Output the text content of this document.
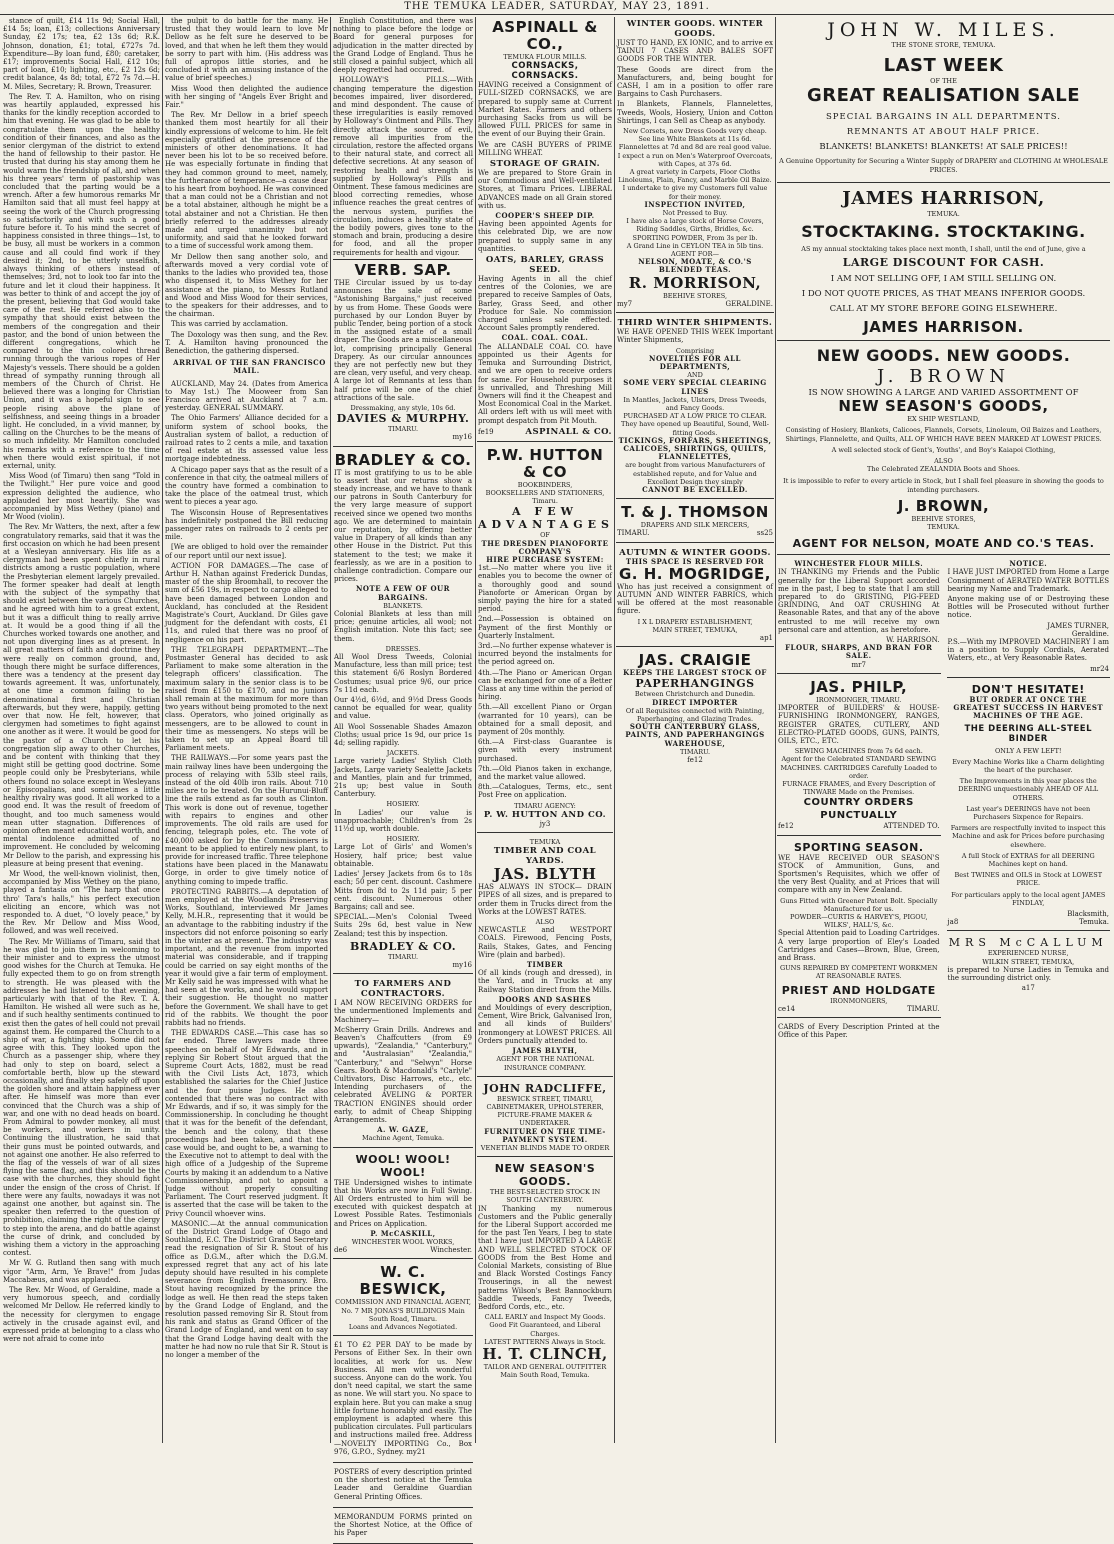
THE TEMUKA LEADER, SATURDAY, MAY 23, 1891.

stance of quilt, £14 11s 9d; Social Hall, £14 5s; loan, £13; collections Anniversary Sunday, £2 17s; tea, £2 13s 6d; R.K. Johnson, donation, £1; total, £727s 7d. Expenditure—By loan fund, £80; caretaker, £17; improvements Social Hall, £12 10s; part of loan, £10; lighting, etc., £2 12s 6d; credit balance, 4s 8d; total, £72 7s 7d.—H. M. Miles, Secretary; R. Brown, Treasurer.

The Rev. T. A. Hamilton, who on rising was heartily applauded, expressed his thanks for the kindly reception accorded to him that evening. He was glad to be able to congratulate them upon the healthy condition of their finances, and also as the senior clergyman of the district to extend the hand of fellowship to their pastor. He trusted that during his stay among them he would warm the friendship of all, and when his three years' term of pastorship was concluded that the parting would be a wrench. After a few humorous remarks Mr Hamilton said that all must feel happy at seeing the work of the Church progressing so satisfactorily and with such a good future before it. To his mind the secret of happiness consisted in three things—1st, to be busy, all must be workers in a common cause and all could find work if they desired it; 2nd, to be utterly unselfish, always thinking of others instead of themselves; 3rd, not to look too far into the future and let it cloud their happiness. It was better to think of and accept the joy of the present, believing that God would take care of the rest. He referred also to the sympathy that should exist between the members of the congregation and their pastor, and the bond of union between the different congregations, which he compared to the thin colored thread running through the various ropes of Her Majesty's vessels. There should be a golden thread of sympathy running through all members of the Church of Christ. He believed there was a longing for Christian Union, and it was a hopeful sign to see people rising above the plane of selfishness, and seeing things in a broader light. He concluded, in a vivid manner, by calling on the Churches to be the means of so much infidelity. Mr Hamilton concluded his remarks with a reference to the time when there would exist spiritual, if not external, unity.

Miss Wood (of Timaru) then sang "Told in the Twilight." Her pure voice and good expression delighted the audience, who applauded her most heartily. She was accompanied by Miss Wethey (piano) and Mr Wood (violin).

The Rev. Mr Watters, the next, after a few congratulatory remarks, said that it was the first occasion on which he had been present at a Wesleyan anniversary. His life as a clergyman had been spent chiefly in rural districts among a rustic population, where the Presbyterian element largely prevailed. The former speaker had dealt at length with the subject of the sympathy that should exist between the various Churches, and he agreed with him to a great extent, but it was a difficult thing to really arrive at. It would be a good thing if all the Churches worked towards one another, and not upon diverging lines as at present. In all great matters of faith and doctrine they were really on common ground, and, though there might be surface differences, there was a tendency at the present day towards agreement. It was, unfortunately, at one time a common failing to be denominational first and Christian afterwards, but they were, happily, getting over that now. He felt, however, that clergymen had sometimes to fight against one another as it were. It would be good for the pastor of a Church to let his congregation slip away to other Churches, and be content with thinking that they might still be getting good doctrine. Some people could only be Presbyterians, while others found no solace except in Wesleyans or Episcopalians, and sometimes a little healthy rivalry was good. It all worked to a good end. It was the result of freedom of thought, and too much sameness would mean utter stagnation. Differences of opinion often meant educational worth, and mental indolence admitted of no improvement. He concluded by welcoming Mr Dellow to the parish, and expressing his pleasure at being present that evening.

Mr Wood, the well-known violinist, then, accompanied by Miss Wethey on the piano, played a fantasia on "The harp that once thro' Tara's halls," his perfect execution eliciting an encore, which was not responded to. A duet, "O lovely peace," by the Rev. Mr Dellow and Miss Wood, followed, and was well received.

The Rev. Mr Williams of Timaru, said that he was glad to join them in welcoming to their minister and to express the utmost good wishes for the Church at Temuka. He fully expected them to go on from strength to strength. He was pleased with the addresses he had listened to that evening, particularly with that of the Rev. T. A. Hamilton. He wished all were such as he, and if such healthy sentiments continued to exist then the gates of hell could not prevail against them. He compared the Church to a ship of war, a fighting ship. Some did not agree with this. They looked upon the Church as a passenger ship, where they had only to step on board, select a comfortable berth, blow up the steward occasionally, and finally step safely off upon the golden shore and attain happiness ever after. He himself was more than ever convinced that the Church was a ship of war, and one with no dead heads on board. From Admiral to powder monkey, all must be workers, and workers in unity. Continuing the illustration, he said that their guns must be pointed outwards, and not against one another. He also referred to the flag of the vessels of war of all sizes flying the same flag, and this should be the case with the churches, they should fight under the ensign of the cross of Christ. If there were any faults, nowadays it was not against one another, but against sin. The speaker then referred to the question of prohibition, claiming the right of the clergy to step into the arena, and do battle against the curse of drink, and concluded by wishing them a victory in the approaching contest.

Mr W. G. Rutland then sang with much vigor "Arm, Arm, Ye Brave!" from Judas Maccabæus, and was applauded.

The Rev. Mr Wood, of Geraldine, made a very humorous speech, and cordially welcomed Mr Dellow. He referred kindly to the necessity for clergymen to engage actively in the crusade against evil, and expressed pride at belonging to a class who were not afraid to come into

the pulpit to do battle for the many. He trusted that they would learn to love Mr Dellow as he felt sure he deserved to be loved, and that when he left them they would be sorry to part with him. (His address was full of apropos little stories, and he concluded it with an amusing instance of the value of brief speeches.)

Miss Wood then delighted the audience with her singing of "Angels Ever Bright and Fair."

The Rev. Mr Dellow in a brief speech thanked them most heartily for all their kindly expressions of welcome to him. He felt especially gratified at the presence of the ministers of other denominations. It had never been his lot to be so received before. He was especially fortunate in finding that they had common ground to meet, namely, the furtherance of temperance—a cause dear to his heart from boyhood. He was convinced that a man could not be a Christian and not be a total abstainer, although he might be a total abstainer and not a Christian. He then briefly referred to the addresses already made and urged unanimity but not uniformity, and said that he looked forward to a time of successful work among them.

Mr Dellow then sang another solo, and afterwards moved a very cordial vote of thanks to the ladies who provided tea, those who dispensed it, to Miss Wethey for her assistance at the piano, to Messrs Rutland and Wood and Miss Wood for their services, to the speakers for their addresses, and to the chairman.

This was carried by acclamation.

The Doxology was then sung, and the Rev. T. A. Hamilton having pronounced the Benediction, the gathering dispersed.

ARRIVAL OF THE SAN FRANCISCO MAIL.

AUCKLAND, May 24. (Dates from America to May 1st.) The Mooweer from San Francisco arrived at Auckland at 7 a.m. yesterday. GENERAL SUMMARY.

The Ohio Farmers' Alliance decided for a uniform system of school books, the Australian system of ballot, a reduction of railroad rates to 2 cents a mile, and taxation of real estate at its assessed value less mortgage indebtedness.

A Chicago paper says that as the result of a conference in that city, the oatmeal millers of the country have formed a combination to take the place of the oatmeal trust, which went to pieces a year ago.

The Wisconsin House of Representatives has indefinitely postponed the Bill reducing passenger rates on railroads to 2 cents per mile.

[We are obliged to hold over the remainder of our report until our next issue].

ACTION FOR DAMAGES.—The case of Arthur H. Nathan against Frederick Dundas, master of the ship Broomhall, to recover the sum of £56 19s, in respect to cargo alleged to have been damaged between London and Auckland, has concluded at the Resident Magistrate's Court, Auckland. Dr Giles gave judgment for the defendant with costs, £1 11s, and ruled that there was no proof of negligence on his part.

THE TELEGRAPH DEPARTMENT.—The Postmaster General has decided to ask Parliament to make some alteration in the telegraph officers' classification. The maximum salary in the senior class is to be raised from £150 to £170, and no juniors shall remain at the maximum for more than two years without being promoted to the next class. Operators, who joined originally as messengers, are to be allowed to count in their time as messengers. No steps will be taken to set up an Appeal Board till Parliament meets.

THE RAILWAYS.—For some years past the main railway lines have been undergoing the process of relaying with 53lb steel rails, instead of the old 40lb iron rails. About 710 miles are to be treated. On the Hurunui-Bluff line the rails extend as far south as Clinton. This work is done out of revenue, together with repairs to engines and other improvements. The old rails are used for fencing, telegraph poles, etc. The vote of £40,000 asked for by the Commissioners is meant to be applied to entirely new plant, to provide for increased traffic. Three telephone stations have been placed in the Manawatu Gorge, in order to give timely notice of anything coming to impede traffic.

PROTECTING RABBITS.—A deputation of men employed at the Woodlands Preserving Works, Southland, interviewed Mr James Kelly, M.H.R., representing that it would be an advantage to the rabbiting industry if the inspectors did not enforce poisoning so early in the winter as at present. The industry was important, and the revenue from imported material was considerable, and if trapping could be carried on say eight months of the year it would give a fair term of employment. Mr Kelly said he was impressed with what he had seen at the works, and he would support their suggestion. He thought no matter before the Government. We shall have to get rid of the rabbits. We thought the poor rabbits had no friends.

THE EDWARDS CASE.—This case has so far ended. Three lawyers made three speeches on behalf of Mr Edwards, and in replying Sir Robert Stout argued that the Supreme Court Acts, 1882, must be read with the Civil Lists Act, 1873, which established the salaries for the Chief Justice and the four puisne Judges. He also contended that there was no contract with Mr Edwards, and if so, it was simply for the Commissionership. In concluding he thought that it was for the benefit of the defendant, the bench and the colony, that these proceedings had been taken, and that the case would be, and ought to be, a warning to the Executive not to attempt to deal with the high office of a Judgeship of the Supreme Courts by making it an addendum to a Native Commissionership, and not to appoint a Judge without properly consulting Parliament. The Court reserved judgment. It is asserted that the case will be taken to the Privy Council whoever wins.

MASONIC.—At the annual communication of the District Grand Lodge of Otago and Southland, E.C. The District Grand Secretary read the resignation of Sir R. Stout of his office as D.G.M., after which the D.G.M. expressed regret that any act of his late deputy should have resulted in his complete severance from English freemasonry. Bro. Stout having recognized by the prince the lodge as well. He then read the steps taken by the Grand Lodge of England, and the resolution passed removing Sir R. Stout from his rank and status as Grand Officer of the Grand Lodge of England, and went on to say that the Grand Lodge having dealt with the matter he had now no rule that Sir R. Stout is no longer a member of the

English Constitution, and there was nothing to place before the lodge or Board for general purposes for adjudication in the matter directed by the Grand Lodge of England. Thus he still closed a painful subject, which all deeply regretted had occurred.

HOLLOWAY'S PILLS.—With changing temperature the digestion becomes impaired, liver disordered, and mind despondent. The cause of these irregularities is easily removed by Holloway's Ointment and Pills. They directly attack the source of evil, remove all impurities from the circulation, restore the affected organs to their natural state, and correct all defective secretions. At any season of restoring health and strength is supplied by Holloway's Pills and Ointment. These famous medicines are blood correcting remedies, whose influence reaches the great centres of the nervous system, purifies the circulation, induces a healthy state of the bodily powers, gives tone to the stomach and brain, producing a desire for food, and all the proper requirements for health and vigour.

VERB. SAP.

THE Circular issued by us to-day announces the sale of some "Astonishing Bargains," just received by us from Home. These Goods were purchased by our London Buyer by public Tender, being portion of a stock in the assigned estate of a small draper. The Goods are a miscellaneous lot, comprising principally General Drapery. As our circular announces they are not perfectly new but they are clean, very useful, and very cheap. A large lot of Remnants at less than half price will be one of the chief attractions of the sale.

Dressmaking, any style, 10s 6d.
DAVIES & MURPHY.
TIMARU.
my16
BRADLEY & CO.

IT is most gratifying to us to be able to assert that our returns show a steady increase, and we have to thank our patrons in South Canterbury for the very large measure of support received since we opened two months ago. We are determined to maintain our reputation, by offering better value in Drapery of all kinds than any other House in the District. Put this statement to the test; we make it fearlessly, as we are in a position to challenge contradiction. Compare our prices.

NOTE A FEW OF OUR BARGAINS.
BLANKETS.

Colonial Blankets at less than mill price; genuine articles, all wool; not English imitation. Note this fact; see them.

DRESSES.

All Wool Dress Tweeds, Colonial Manufacture, less than mill price; test this statement 6/6 Roslyn Bordered Costumes; usual price 9/6, our price 7s 11d each.

Our 4½d, 6½d, and 9½d Dress Goods cannot be equalled for wear, quality and value.

All Wool Sossenable Shades Amazon Cloths; usual price 1s 9d, our price 1s 4d; selling rapidly.

JACKETS.

Large variety Ladies' Stylish Cloth Jackets, Large variety Sealette Jackets and Mantles, plain and fur trimmed, 21s up; best value in South Canterbury.

HOSIERY.

In Ladies' our value is unapproachable; Children's from 2s 11½d up, worth double.

HOSIERY.

Large Lot of Girls' and Women's Hosiery, half price; best value obtainable.

Ladies' Jersey Jackets from 6s to 18s each; 50 per cent. discount. Cashmere Mitts from 8d to 2s 11d pair; 5 per cent. discount. Numerous other Bargains; call and see.

SPECIAL.—Men's Colonial Tweed Suits 29s 6d, best value in New Zealand; test this by inspection.

BRADLEY & CO.
TIMARU.
my16
TO FARMERS AND CONTRACTORS.

I AM NOW RECEIVING ORDERS for the undermentioned Implements and Machinery—

McSherry Grain Drills. Andrews and Beaven's Chaffcutters (from £9 upwards), "Zealandia," "Canterbury," and "Australasian" "Zealandia," "Canterbury," and "Selwyn" Horse Gears. Booth & Macdonald's "Carlyle" Cultivators, Disc Harrows, etc., etc. Intending purchasers of the celebrated AVELING & PORTER TRACTION ENGINES should order early, to admit of Cheap Shipping Arrangements.

A. W. GAZE,
Machine Agent, Temuka.
WOOL! WOOL! WOOL!

THE Undersigned wishes to intimate that his Works are now in Full Swing. All Orders entrusted to him will be executed with quickest despatch at Lowest Possible Rates. Testimonials and Prices on Application.

P. McCASKILL,
WINCHESTER WOOL WORKS,
de6	Winchester.
W. C. BESWICK,
COMMISSION AND FINANCIAL AGENT,
No. 7 MR JONAS'S BUILDINGS Main South Road, Timaru.
Loans and Advances Negotiated.

£1 TO £2 PER DAY to be made by Persons of Either Sex. In their own localities, at work for us. New Business. All men with wonderful success. Anyone can do the work. You don't need capital, we start the same as none. We will start you. No space to explain here. But you can make a snug little fortune honorably and easily. The employment is adapted where this publication circulates. Full particulars and instructions mailed free. Address—NOVELTY IMPORTING Co., Box 976, G.P.O., Sydney. my21

POSTERS of every description printed on the shortest notice at the Temuka Leader and Geraldine Guardian General Printing Offices.

MEMORANDUM FORMS printed on the Shortest Notice, at the Office of his Paper

ASPINALL & CO.,
TEMUKA FLOUR MILLS.
CORNSACKS, CORNSACKS.

HAVING received a Consignment of FULL-SIZED CORNSACKS, we are prepared to supply same at Current Market Rates. Farmers and others purchasing Sacks from us will be allowed FULL PRICES for same in the event of our Buying their Grain.

We are CASH BUYERS of PRIME MILLING WHEAT.

STORAGE OF GRAIN.

We are prepared to Store Grain in our Commodious and Well-ventilated Stores, at Timaru Prices. LIBERAL ADVANCES made on all Grain stored with us.

COOPER'S SHEEP DIP.

Having been appointed Agents for this celebrated Dip, we are now prepared to supply same in any quantities.

OATS, BARLEY, GRASS SEED.

Having Agents in all the chief centres of the Colonies, we are prepared to receive Samples of Oats, Barley, Grass Seed, and other Produce for Sale. No commission charged unless sale effected. Account Sales promptly rendered.

COAL. COAL. COAL.

The ALLANDALE COAL CO. have appointed us their Agents for Temuka and Surrounding District, and we are open to receive orders for same. For Household purposes it is unrivalled, and Threshing Mill Owners will find it the Cheapest and Most Economical Coal in the Market. All orders left with us will meet with prompt despatch from Pit Mouth.

fe19	ASPINALL & CO.
P.W. HUTTON & CO
BOOKBINDERS,
BOOKSELLERS AND STATIONERS,
Timaru.
A FEW ADVANTAGES
OF
THE DRESDEN PIANOFORTE COMPANY'S
HIRE PURCHASE SYSTEM:

1st.—No matter where you live it enables you to become the owner of a thoroughly good and sound Pianoforte or American Organ by simply paying the hire for a stated period.

2nd.—Possession is obtained on Payment of the first Monthly or Quarterly Instalment.

3rd.—No further expense whatever is incurred beyond the instalments for the period agreed on.

4th.—The Piano or American Organ can be exchanged for one of a Better Class at any time within the period of hiring.

5th.—All excellent Piano or Organ (warranted for 10 years), can be obtained for a small deposit, and payment of 20s monthly.

6th.—A First-class Guarantee is given with every instrument purchased.

7th.—Old Pianos taken in exchange, and the market value allowed.

8th.—Catalogues, Terms, etc., sent Post Free on application.

TIMARU AGENCY:
P. W. HUTTON AND CO.
jy3
TEMUKA
TIMBER AND COAL YARDS.
JAS. BLYTH

HAS ALWAYS IN STOCK— DRAIN PIPES of all sizes, and is prepared to order them in Trucks direct from the Works at the LOWEST RATES.

ALSO

NEWCASTLE and WESTPORT COALS. Firewood, Fencing Posts, Rails, Stakes, Gates, and Fencing Wire (plain and barbed).

TIMBER

Of all kinds (rough and dressed), in the Yard, and in Trucks at any Railway Station direct from the Mills.

DOORS AND SASHES

and Mouldings of every description, Cement, Wire Brick, Galvanised Iron, and all kinds of Builders' Ironmongery at LOWEST PRICES. All Orders punctually attended to.

JAMES BLYTH,
AGENT FOR THE NATIONAL INSURANCE COMPANY.
JOHN RADCLIFFE,
BESWICK STREET, TIMARU,
CABINETMAKER, UPHOLSTERER, PICTURE-FRAME MAKER & UNDERTAKER.
FURNITURE ON THE TIME-PAYMENT SYSTEM.
VENETIAN BLINDS MADE TO ORDER
NEW SEASON'S GOODS.
THE BEST-SELECTED STOCK IN SOUTH CANTERBURY.

IN Thanking my numerous Customers and the Public generally for the Liberal Support accorded me for the past Ten Years, I beg to state that I have just IMPORTED A LARGE AND WELL SELECTED STOCK OF GOODS from the Best Home and Colonial Markets, consisting of Blue and Black Worsted Costings Fancy Trouserings, in all the newest patterns Wilson's Best Bannockburn Saddle Tweeds, Fancy Tweeds, Bedford Cords, etc., etc.

CALL EARLY and Inspect My Goods.
Good Fit Guaranteed, and Liberal Charges.
LATEST PATTERNS Always in Stock.
H. T. CLINCH,
TAILOR AND GENERAL OUTFITTER
Main South Road, Temuka.
WINTER GOODS. WINTER GOODS.

JUST TO HAND, EX IONIC, and to arrive ex TAINUI 7 CASES AND BALES SOFT GOODS FOR THE WINTER.

These Goods are direct from the Manufacturers, and, being bought for CASH, I am in a position to offer rare Bargains to Cash Purchasers.

In Blankets, Flannels, Flannelettes, Tweeds, Wools, Hosiery, Union and Cotton Shirtings, I can Sell as Cheap as anybody.

New Corsets, new Dress Goods very cheap.
See line White Blankets at 11s 6d.
Flannelettes at 7d and 8d are real good value.
I expect a run on Men's Waterproof Overcoats, with Capes, at 37s 6d.
A great variety in Carpets, Floor Cloths Linoleums, Plain, Fancy, and Marble Oil Baize.
I undertake to give my Customers full value for their money.
INSPECTION INVITED,
Not Pressed to Buy.
I have also a large stock of Horse Covers, Riding Saddles, Girths, Bridles, &c.
SPORTING POWDER, From 3s per lb.
A Grand Line in CEYLON TEA in 5lb tins.
AGENT FOR—
NELSON, MOATE, & CO.'S BLENDED TEAS.
R. MORRISON,
BEEHIVE STORES,
my7	GERALDINE.
THIRD WINTER SHIPMENTS.

WE HAVE OPENED THIS WEEK Important Winter Shipments,

Comprising
NOVELTIES FOR ALL DEPARTMENTS,
AND
SOME VERY SPECIAL CLEARING LINES
In Mantles, Jackets, Ulsters, Dress Tweeds, and Fancy Goods.
PURCHASED AT A LOW PRICE TO CLEAR.
They have opened up Beautiful, Sound, Well-fitting Goods.
TICKINGS, FORFARS, SHEETINGS, CALICOES, SHIRTINGS, QUILTS, FLANNELETTES,
are bought from various Manufacturers of established repute, and for Value and Excellent Design they simply
CANNOT BE EXCELLED.
T. & J. THOMSON
DRAPERS AND SILK MERCERS,
TIMARU.	ss25
AUTUMN & WINTER GOODS.
THIS SPACE IS RESERVED FOR
G. H. MOGRIDGE,

Who has just received a consignment of AUTUMN AND WINTER FABRICS, which will be offered at the most reasonable figure.

I X L DRAPERY ESTABLISHMENT,
MAIN STREET, TEMUKA,
ap1
JAS. CRAIGIE
KEEPS THE LARGEST STOCK OF
PAPERHANGINGS
Between Christchurch and Dunedin.
DIRECT IMPORTER
Of all Requisites connected with Painting, Paperhanging, and Glazing Trades.
SOUTH CANTERBURY GLASS, PAINTS, AND PAPERHANGINGS WAREHOUSE,
TIMARU.
fe12
JOHN W. MILES.
THE STONE STORE, TEMUKA.
LAST WEEK
OF THE
GREAT REALISATION SALE
SPECIAL BARGAINS IN ALL DEPARTMENTS.
REMNANTS AT ABOUT HALF PRICE.
BLANKETS! BLANKETS! BLANKETS! AT SALE PRICES!!
A Genuine Opportunity for Securing a Winter Supply of DRAPERY and CLOTHING At WHOLESALE PRICES.
JAMES HARRISON,
TEMUKA.
STOCKTAKING. STOCKTAKING.
AS my annual stocktaking takes place next month, I shall, until the end of June, give a
LARGE DISCOUNT FOR CASH.
I AM NOT SELLING OFF, I AM STILL SELLING ON.
I DO NOT QUOTE PRICES, AS THAT MEANS INFERIOR GOODS.
CALL AT MY STORE BEFORE GOING ELSEWHERE.
JAMES HARRISON.
NEW GOODS. NEW GOODS.
J. BROWN
IS NOW SHOWING A LARGE AND VARIED ASSORTMENT OF
NEW SEASON'S GOODS,
EX SHIP WESTLAND,
Consisting of Hosiery, Blankets, Calicoes, Flannels, Corsets, Linoleum, Oil Baizes and Leathers, Shirtings, Flannelette, and Quilts, ALL OF WHICH HAVE BEEN MARKED AT LOWEST PRICES.
A well selected stock of Gent's, Youths', and Boy's Kaiapoi Clothing,
ALSO
The Celebrated ZEALANDIA Boots and Shoes.
It is impossible to refer to every article in Stock, but I shall feel pleasure in showing the goods to intending purchasers.
J. BROWN,
BEEHIVE STORES,
TEMUKA.
AGENT FOR NELSON, MOATE AND CO.'S TEAS.
WINCHESTER FLOUR MILLS.

IN THANKING my Friends and the Public generally for the Liberal Support accorded me in the past, I beg to state that I am still prepared to do GRISTING, PIG-FEED GRINDING, And OAT CRUSHING At Reasonable Rates, and that any of the above entrusted to me will receive my own personal care and attention, as heretofore.

W. HARRISON.
FLOUR, SHARPS, AND BRAN FOR SALE.
mr7
JAS. PHILP,
IRONMONGER, TIMARU.

IMPORTER of BUILDERS' & HOUSE-FURNISHING IRONMONGERY, RANGES, REGISTER GRATES, CUTLERY, AND ELECTRO-PLATED GOODS, GUNS, PAINTS, OILS, ETC., ETC.

SEWING MACHINES from 7s 6d each.
Agent for the Celebrated STANDARD SEWING MACHINES. CARTRIDGES Carefully Loaded to order.
FURNACE FRAMES, and Every Description of TINWARE Made on the Premises.
COUNTRY ORDERS PUNCTUALLY
fe12	ATTENDED TO.
SPORTING SEASON.

WE HAVE RECEIVED OUR SEASON'S STOCK of Ammunition, Guns, and Sportsmen's Requisites, which we offer of the very Best Quality, and at Prices that will compare with any in New Zealand.

Guns Fitted with Greener Patent Bolt. Specially Manufactured for us.
POWDER—CURTIS & HARVEY'S, PIGOU, WILKS', HALL'S, &c.

Special Attention paid to Loading Cartridges. A very large proportion of Eley's Loaded Cartridges and Cases—Brown, Blue, Green, and Brass.

GUNS REPAIRED BY COMPETENT WORKMEN AT REASONABLE RATES.
PRIEST AND HOLDGATE
IRONMONGERS,
ce14	TIMARU.

CARDS of Every Description Printed at the Office of this Paper.

NOTICE.

I HAVE JUST IMPORTED from Home a Large Consignment of AERATED WATER BOTTLES bearing my Name and Trademark.

Anyone making use of or Destroying these Bottles will be Prosecuted without further notice.

JAMES TURNER,
Geraldine.

P.S.—With my IMPROVED MACHINERY I am in a position to Supply Cordials, Aerated Waters, etc., at Very Reasonable Rates.

mr24
DON'T HESITATE!
BUT ORDER AT ONCE THE GREATEST SUCCESS IN HARVEST MACHINES OF THE AGE.
THE DEERING ALL-STEEL BINDER
ONLY A FEW LEFT!
Every Machine Works like a Charm delighting the heart of the purchaser.
The Improvements in this year places the DEERING unquestionably AHEAD OF ALL OTHERS.
Last year's DEERINGS have not been Purchasers Sixpence for Repairs.
Farmers are respectfully invited to inspect this Machine and ask for Prices before purchasing elsewhere.
A full Stock of EXTRAS for all DEERING Machines kept on hand.
Best TWINES and OILS in Stock at LOWEST PRICE.
For particulars apply to the local agent JAMES FINDLAY,
Blacksmith,
ja8	Temuka.
MRS McCALLUM
EXPERIENCED NURSE,
WILKIN STREET, TEMUKA,

is prepared to Nurse Ladies in Temuka and the surrounding district only.

a17
